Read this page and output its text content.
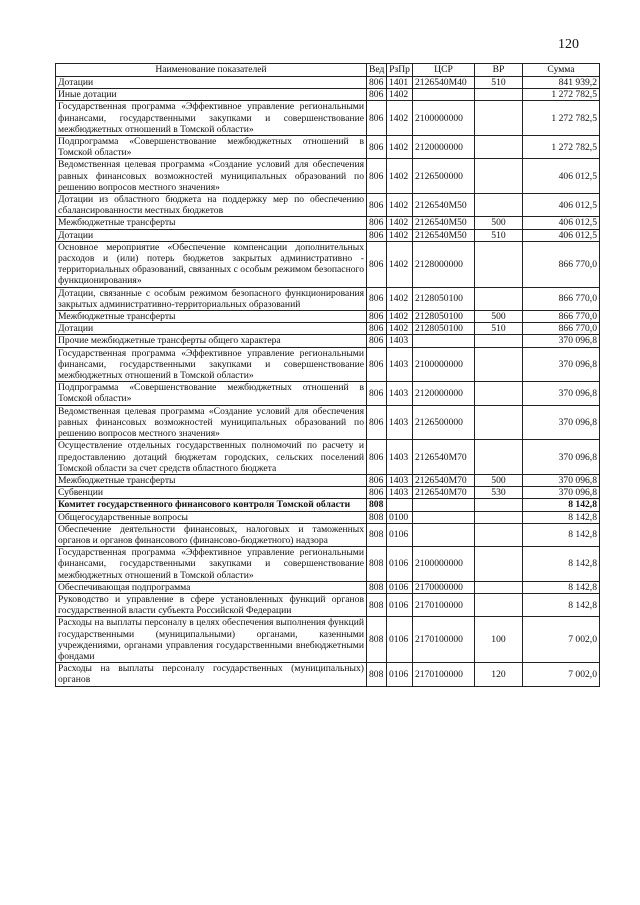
120
Наименование показателей	Вед	РзПр	ЦСР	ВР	Сумма
Дотации	806	1401	2126540М40	510	841 939,2
Иные дотации	806	1402			1 272 782,5
Государственная программа «Эффективное управление региональными финансами, государственными закупками и совершенствование межбюджетных отношений в Томской области»	806	1402	2100000000		1 272 782,5
Подпрограмма «Совершенствование межбюджетных отношений в Томской области»	806	1402	2120000000		1 272 782,5
Ведомственная целевая программа «Создание условий для обеспечения равных финансовых возможностей муниципальных образований по решению вопросов местного значения»	806	1402	2126500000		406 012,5
Дотации из областного бюджета на поддержку мер по обеспечению сбалансированности местных бюджетов	806	1402	2126540М50		406 012,5
Межбюджетные трансферты	806	1402	2126540М50	500	406 012,5
Дотации	806	1402	2126540М50	510	406 012,5
Основное мероприятие «Обеспечение компенсации дополнительных расходов и (или) потерь бюджетов закрытых административно - территориальных образований, связанных с особым режимом безопасного функционирования»	806	1402	2128000000		866 770,0
Дотации, связанные с особым режимом безопасного функционирования закрытых административно-территориальных образований	806	1402	2128050100		866 770,0
Межбюджетные трансферты	806	1402	2128050100	500	866 770,0
Дотации	806	1402	2128050100	510	866 770,0
Прочие межбюджетные трансферты общего характера	806	1403			370 096,8
Государственная программа «Эффективное управление региональными финансами, государственными закупками и совершенствование межбюджетных отношений в Томской области»	806	1403	2100000000		370 096,8
Подпрограмма «Совершенствование межбюджетных отношений в Томской области»	806	1403	2120000000		370 096,8
Ведомственная целевая программа «Создание условий для обеспечения равных финансовых возможностей муниципальных образований по решению вопросов местного значения»	806	1403	2126500000		370 096,8
Осуществление отдельных государственных полномочий по расчету и предоставлению дотаций бюджетам городских, сельских поселений Томской области за счет средств областного бюджета	806	1403	2126540М70		370 096,8
Межбюджетные трансферты	806	1403	2126540М70	500	370 096,8
Субвенции	806	1403	2126540М70	530	370 096,8
Комитет государственного финансового контроля Томской области	808				8 142,8
Общегосударственные вопросы	808	0100			8 142,8
Обеспечение деятельности финансовых, налоговых и таможенных органов и органов финансового (финансово-бюджетного) надзора	808	0106			8 142,8
Государственная программа «Эффективное управление региональными финансами, государственными закупками и совершенствование межбюджетных отношений в Томской области»	808	0106	2100000000		8 142,8
Обеспечивающая подпрограмма	808	0106	2170000000		8 142,8
Руководство и управление в сфере установленных функций органов государственной власти субъекта Российской Федерации	808	0106	2170100000		8 142,8
Расходы на выплаты персоналу в целях обеспечения выполнения функций государственными (муниципальными) органами, казенными учреждениями, органами управления государственными внебюджетными фондами	808	0106	2170100000	100	7 002,0
Расходы на выплаты персоналу государственных (муниципальных) органов	808	0106	2170100000	120	7 002,0
